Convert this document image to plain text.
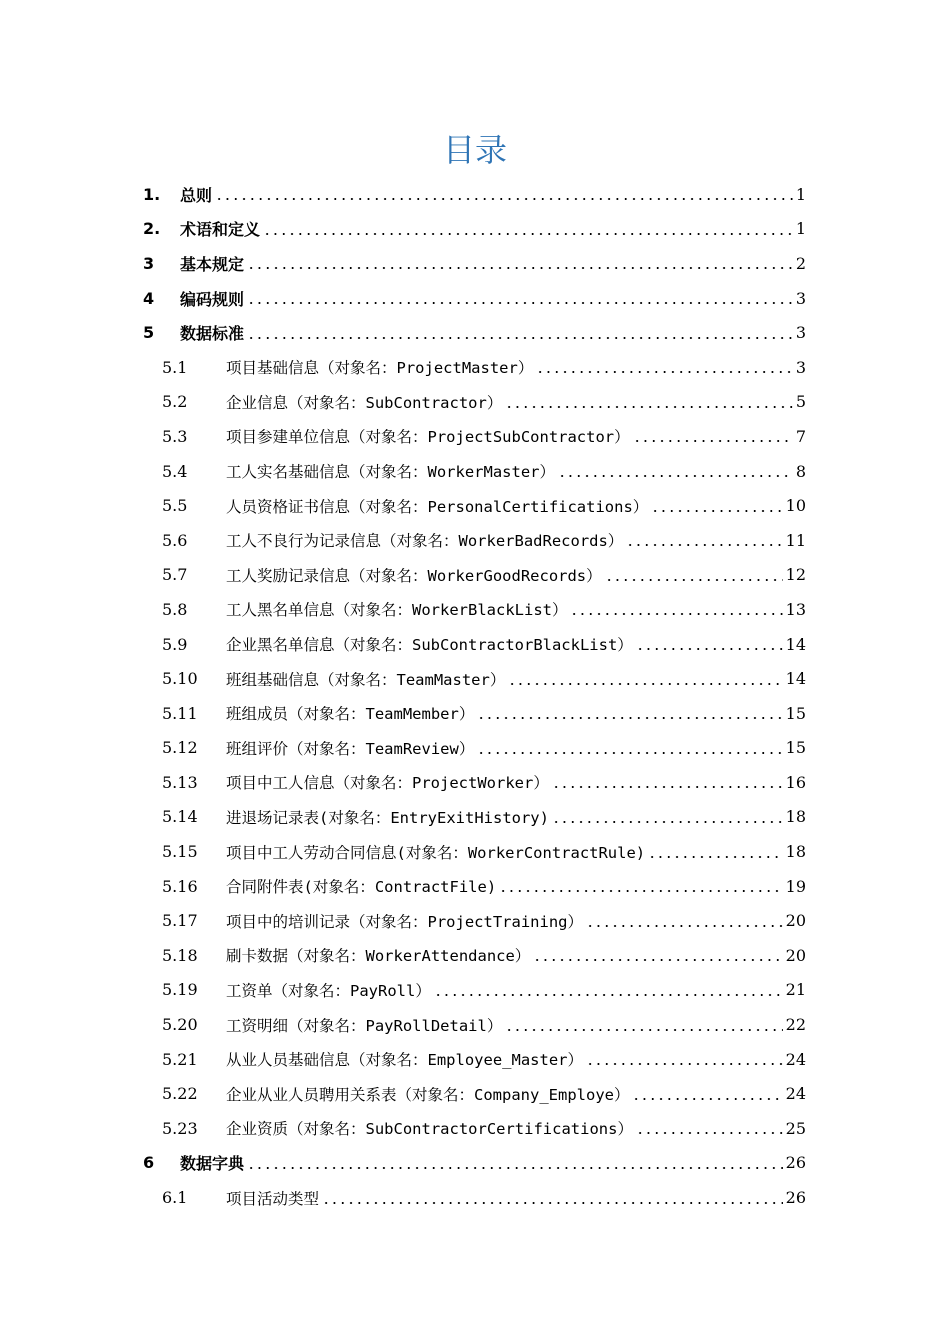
目录
1.	总则	1
2.	术语和定义	1
3	基本规定	2
4	编码规则	3
5	数据标准	3
5.1	项目基础信息（对象名：ProjectMaster）	3
5.2	企业信息（对象名：SubContractor）	5
5.3	项目参建单位信息（对象名：ProjectSubContractor）	7
5.4	工人实名基础信息（对象名：WorkerMaster）	8
5.5	人员资格证书信息（对象名：PersonalCertifications）	10
5.6	工人不良行为记录信息（对象名：WorkerBadRecords）	11
5.7	工人奖励记录信息（对象名：WorkerGoodRecords）	12
5.8	工人黑名单信息（对象名：WorkerBlackList）	13
5.9	企业黑名单信息（对象名：SubContractorBlackList）	14
5.10	班组基础信息（对象名：TeamMaster）	14
5.11	班组成员（对象名：TeamMember）	15
5.12	班组评价（对象名：TeamReview）	15
5.13	项目中工人信息（对象名：ProjectWorker）	16
5.14	进退场记录表(对象名：EntryExitHistory)	18
5.15	项目中工人劳动合同信息(对象名：WorkerContractRule)	18
5.16	合同附件表(对象名：ContractFile)	19
5.17	项目中的培训记录（对象名：ProjectTraining）	20
5.18	刷卡数据（对象名：WorkerAttendance）	20
5.19	工资单（对象名：PayRoll）	21
5.20	工资明细（对象名：PayRollDetail）	22
5.21	从业人员基础信息（对象名：Employee_Master）	24
5.22	企业从业人员聘用关系表（对象名：Company_Employe）	24
5.23	企业资质（对象名：SubContractorCertifications）	25
6	数据字典	26
6.1	项目活动类型	26
